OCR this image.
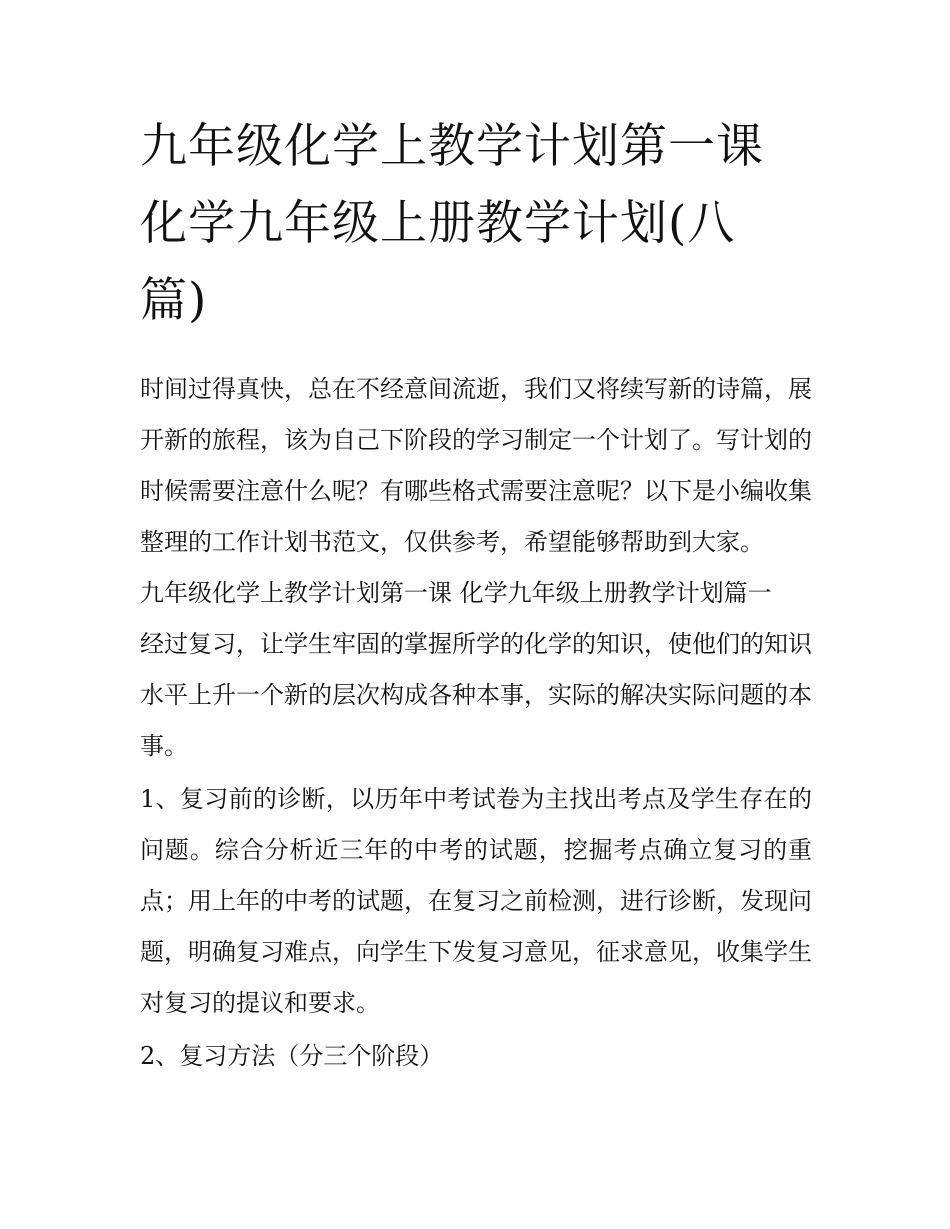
九年级化学上教学计划第一课
化学九年级上册教学计划(八
篇)

时间过得真快，总在不经意间流逝，我们又将续写新的诗篇，展开新的旅程，该为自己下阶段的学习制定一个计划了。写计划的时候需要注意什么呢？有哪些格式需要注意呢？以下是小编收集整理的工作计划书范文，仅供参考，希望能够帮助到大家。

九年级化学上教学计划第一课 化学九年级上册教学计划篇一

经过复习，让学生牢固的掌握所学的化学的知识，使他们的知识水平上升一个新的层次构成各种本事，实际的解决实际问题的本事。

1、复习前的诊断，以历年中考试卷为主找出考点及学生存在的问题。综合分析近三年的中考的试题，挖掘考点确立复习的重点；用上年的中考的试题，在复习之前检测，进行诊断，发现问题，明确复习难点，向学生下发复习意见，征求意见，收集学生对复习的提议和要求。

2、复习方法（分三个阶段）
